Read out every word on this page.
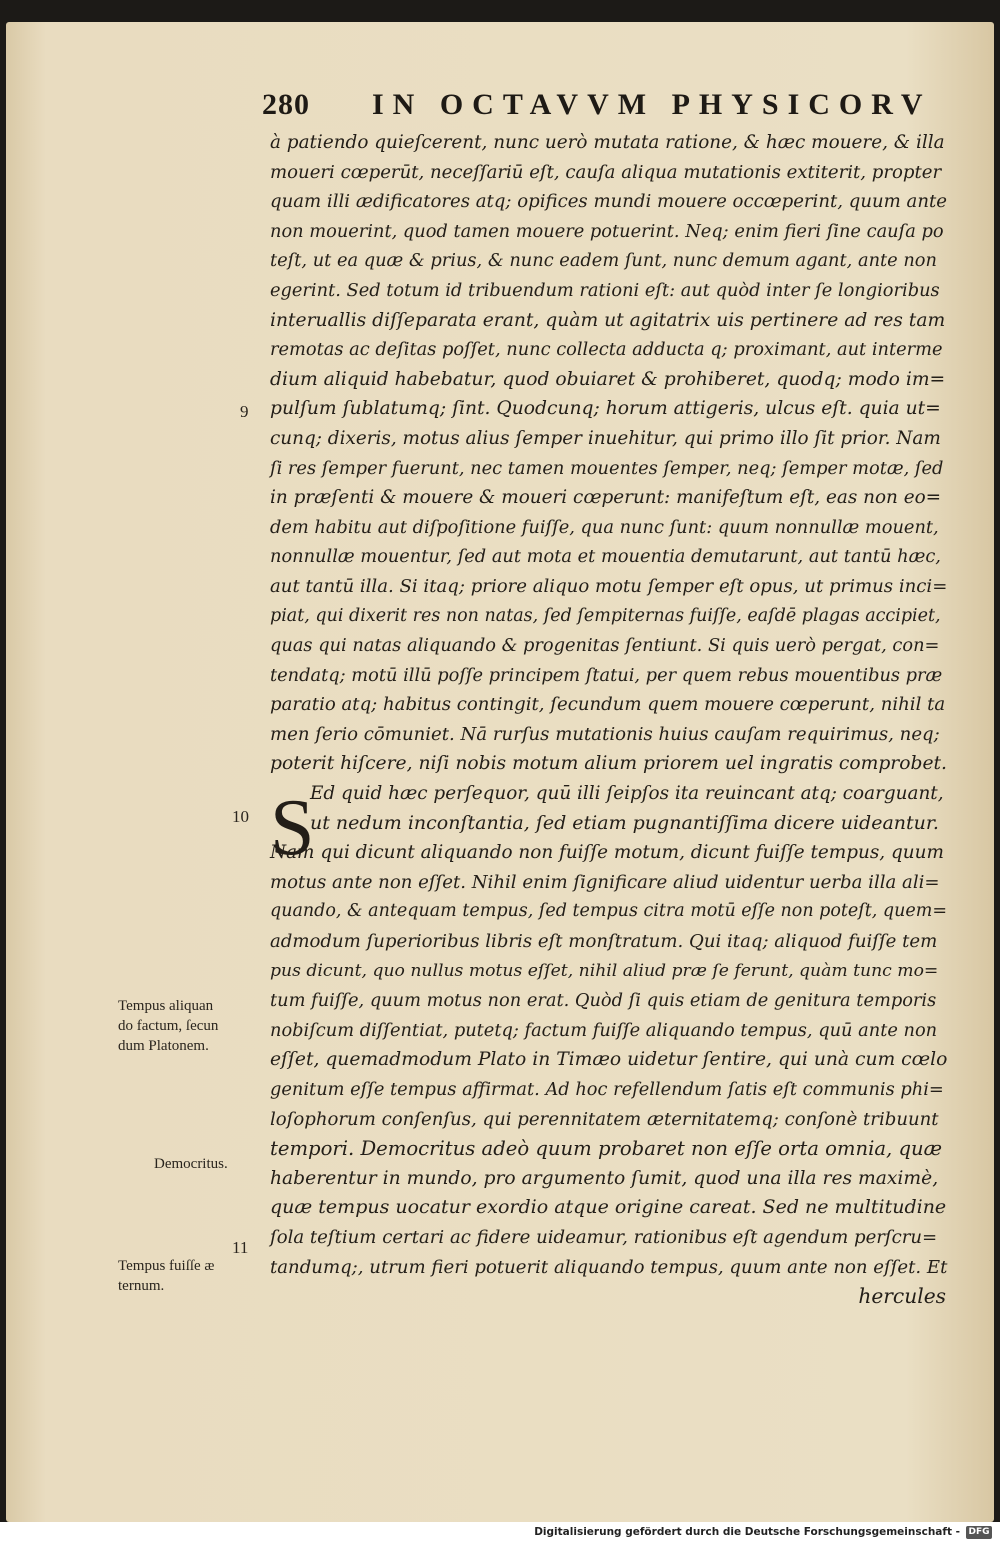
280 IN OCTAVVM PHYSICORV
à patiendo quieſcerent, nunc uerò mutata ratione, & hæc mouere, & illa
moueri cœperūt, neceſſariū eſt, cauſa aliqua mutationis extiterit, propter
quam illi ædificatores atq; opifices mundi mouere occœperint, quum ante
non mouerint, quod tamen mouere potuerint. Neq; enim fieri ſine cauſa po
teſt, ut ea quæ & prius, & nunc eadem ſunt, nunc demum agant, ante non
egerint. Sed totum id tribuendum rationi eſt: aut quòd inter ſe longioribus
interuallis diſſeparata erant, quàm ut agitatrix uis pertinere ad res tam
remotas ac deſitas poſſet, nunc collecta adducta q; proximant, aut interme
dium aliquid habebatur, quod obuiaret & prohiberet, quodq; modo im=
pulſum ſublatumq; ſint. Quodcunq; horum attigeris, ulcus eſt. quia ut=
cunq; dixeris, motus alius ſemper inuehitur, qui primo illo ſit prior. Nam
ſi res ſemper fuerunt, nec tamen mouentes ſemper, neq; ſemper motæ, ſed
in præſenti & mouere & moueri cœperunt: manifeſtum eſt, eas non eo=
dem habitu aut diſpoſitione fuiſſe, qua nunc ſunt: quum nonnullæ mouent,
nonnullæ mouentur, ſed aut mota et mouentia demutarunt, aut tantū hæc,
aut tantū illa. Si itaq; priore aliquo motu ſemper eſt opus, ut primus inci=
piat, qui dixerit res non natas, ſed ſempiternas fuiſſe, eaſdē plagas accipiet,
quas qui natas aliquando & progenitas ſentiunt. Si quis uerò pergat, con=
tendatq; motū illū poſſe principem ſtatui, per quem rebus mouentibus præ
paratio atq; habitus contingit, ſecundum quem mouere cœperunt, nihil ta
men ſerio cōmuniet. Nā rurſus mutationis huius cauſam requirimus, neq;
poterit hiſcere, niſi nobis motum alium priorem uel ingratis comprobet.
Ed quid hæc perſequor, quū illi ſeipſos ita reuincant atq; coarguant,
ut nedum inconſtantia, ſed etiam pugnantiſſima dicere uideantur.
Nam qui dicunt aliquando non fuiſſe motum, dicunt fuiſſe tempus, quum
motus ante non eſſet. Nihil enim ſignificare aliud uidentur uerba illa ali=
quando, & antequam tempus, ſed tempus citra motū eſſe non poteſt, quem=
admodum ſuperioribus libris eſt monſtratum. Qui itaq; aliquod fuiſſe tem
pus dicunt, quo nullus motus eſſet, nihil aliud præ ſe ferunt, quàm tunc mo=
tum fuiſſe, quum motus non erat. Quòd ſi quis etiam de genitura temporis
nobiſcum diſſentiat, putetq; factum fuiſſe aliquando tempus, quū ante non
eſſet, quemadmodum Plato in Timæo uidetur ſentire, qui unà cum cœlo
genitum eſſe tempus affirmat. Ad hoc refellendum ſatis eſt communis phi=
loſophorum conſenſus, qui perennitatem æternitatemq; conſonè tribuunt
tempori. Democritus adeò quum probaret non eſſe orta omnia, quæ
haberentur in mundo, pro argumento ſumit, quod una illa res maximè,
quæ tempus uocatur exordio atque origine careat. Sed ne multitudine
ſola teſtium certari ac fidere uideamur, rationibus eſt agendum perſcru=
tandumq;, utrum fieri potuerit aliquando tempus, quum ante non eſſet. Et
hercules
S
9
10
11
Tempus aliquan
do factum, ſecun
dum Platonem.
Democritus.
Tempus fuiſſe æ
ternum.
Digitalisierung gefördert durch die Deutsche Forschungsgemeinschaft - DFG
